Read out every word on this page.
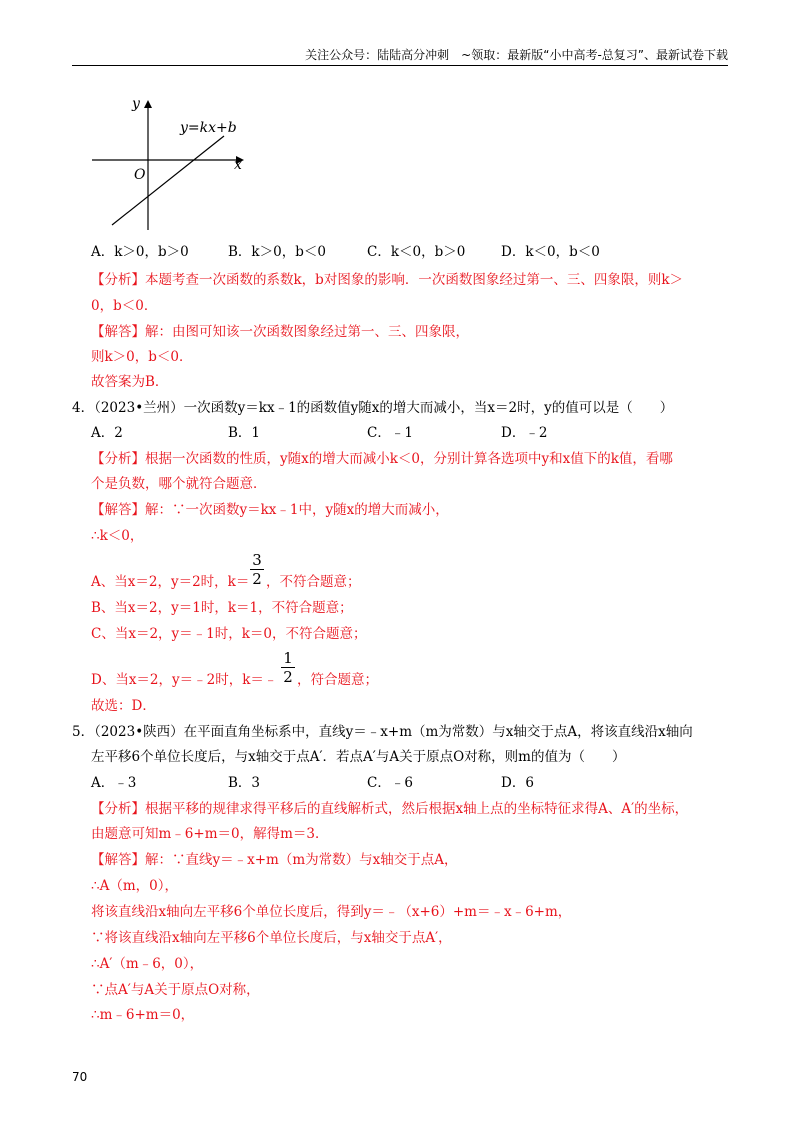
关注公众号：陆陆高分冲刺　~领取：最新版“小中高考-总复习”、最新试卷下载
y
x
O
y=kx+b
A．k＞0，b＞0	B．k＞0，b＜0	C．k＜0，b＞0	D．k＜0，b＜0
【分析】本题考查一次函数的系数k，b对图象的影响．一次函数图象经过第一、三、四象限，则k＞
0，b＜0．
【解答】解：由图可知该一次函数图象经过第一、三、四象限，
则k＞0，b＜0．
故答案为B．
4．（2023•兰州）一次函数y＝kx﹣1的函数值y随x的增大而减小，当x＝2时，y的值可以是（　　）
A．2	B．1	C．﹣1	D．﹣2
【分析】根据一次函数的性质，y随x的增大而减小k＜0，分别计算各选项中y和x值下的k值，看哪
个是负数，哪个就符合题意．
【解答】解：∵一次函数y＝kx﹣1中，y随x的增大而减小，
∴k＜0，
A、当x＝2，y＝2时，k＝
3
2 ，不符合题意；
B、当x＝2，y＝1时，k＝1，不符合题意；
C、当x＝2，y＝﹣1时，k＝0，不符合题意；
D、当x＝2，y＝﹣2时，k＝﹣
1
2 ，符合题意；
故选：D．
5．（2023•陕西）在平面直角坐标系中，直线y＝﹣x+m（m为常数）与x轴交于点A，将该直线沿x轴向
左平移6个单位长度后，与x轴交于点A′．若点A′与A关于原点O对称，则m的值为（　　）
A．﹣3	B．3	C．﹣6	D．6
【分析】根据平移的规律求得平移后的直线解析式，然后根据x轴上点的坐标特征求得A、A′的坐标，
由题意可知m﹣6+m＝0，解得m＝3．
【解答】解：∵直线y＝﹣x+m（m为常数）与x轴交于点A，
∴A（m，0），
将该直线沿x轴向左平移6个单位长度后，得到y＝﹣（x+6）+m＝﹣x﹣6+m，
∵将该直线沿x轴向左平移6个单位长度后，与x轴交于点A′，
∴A′（m﹣6，0），
∵点A′与A关于原点O对称，
∴m﹣6+m＝0，
70
